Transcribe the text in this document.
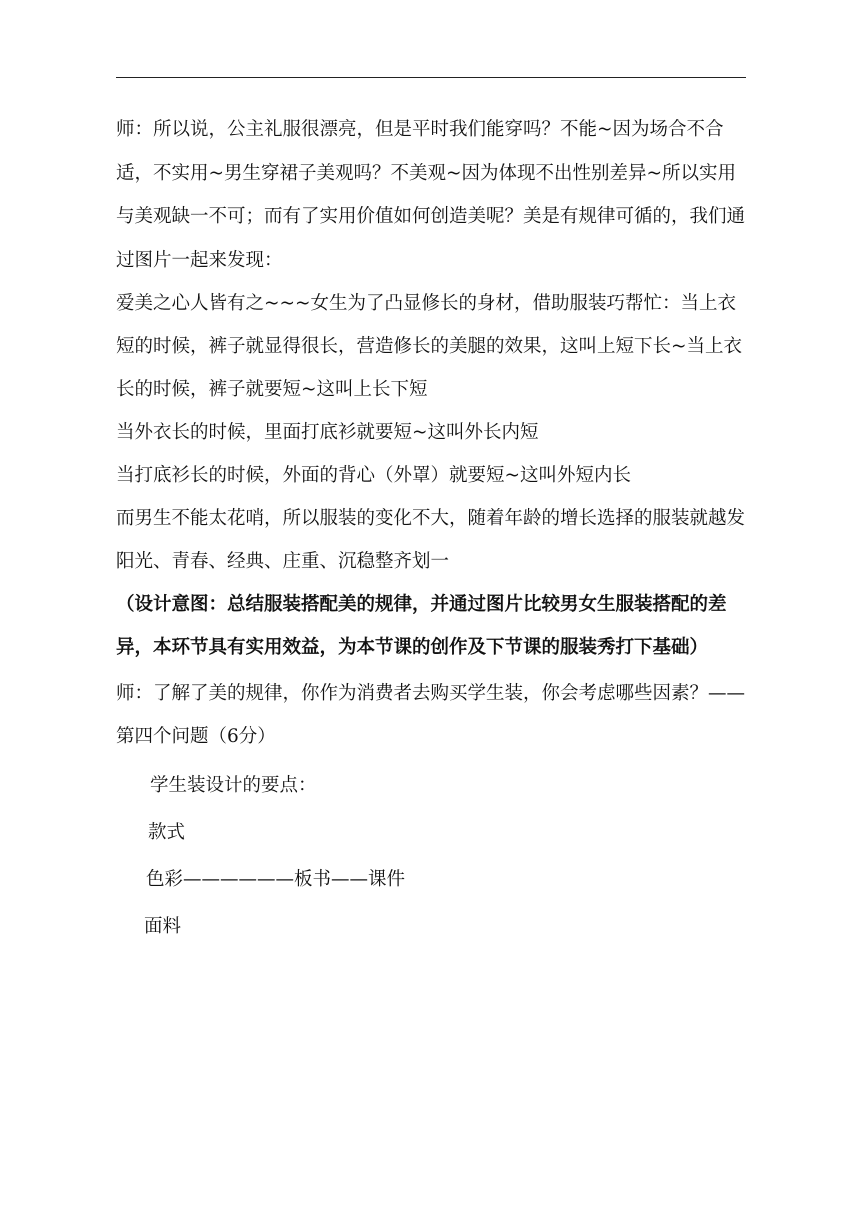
师：所以说，公主礼服很漂亮，但是平时我们能穿吗？不能~因为场合不合适，不实用~男生穿裙子美观吗？不美观~因为体现不出性别差异~所以实用与美观缺一不可；而有了实用价值如何创造美呢？美是有规律可循的，我们通过图片一起来发现：

爱美之心人皆有之~~~女生为了凸显修长的身材，借助服装巧帮忙：当上衣短的时候，裤子就显得很长，营造修长的美腿的效果，这叫上短下长~当上衣长的时候，裤子就要短~这叫上长下短

当外衣长的时候，里面打底衫就要短~这叫外长内短

当打底衫长的时候，外面的背心（外罩）就要短~这叫外短内长

而男生不能太花哨，所以服装的变化不大，随着年龄的增长选择的服装就越发阳光、青春、经典、庄重、沉稳整齐划一

（设计意图：总结服装搭配美的规律，并通过图片比较男女生服装搭配的差异，本环节具有实用效益，为本节课的创作及下节课的服装秀打下基础）

师：了解了美的规律，你作为消费者去购买学生装，你会考虑哪些因素？——第四个问题（6分）

学生装设计的要点：

款式

色彩——————板书——课件

面料
